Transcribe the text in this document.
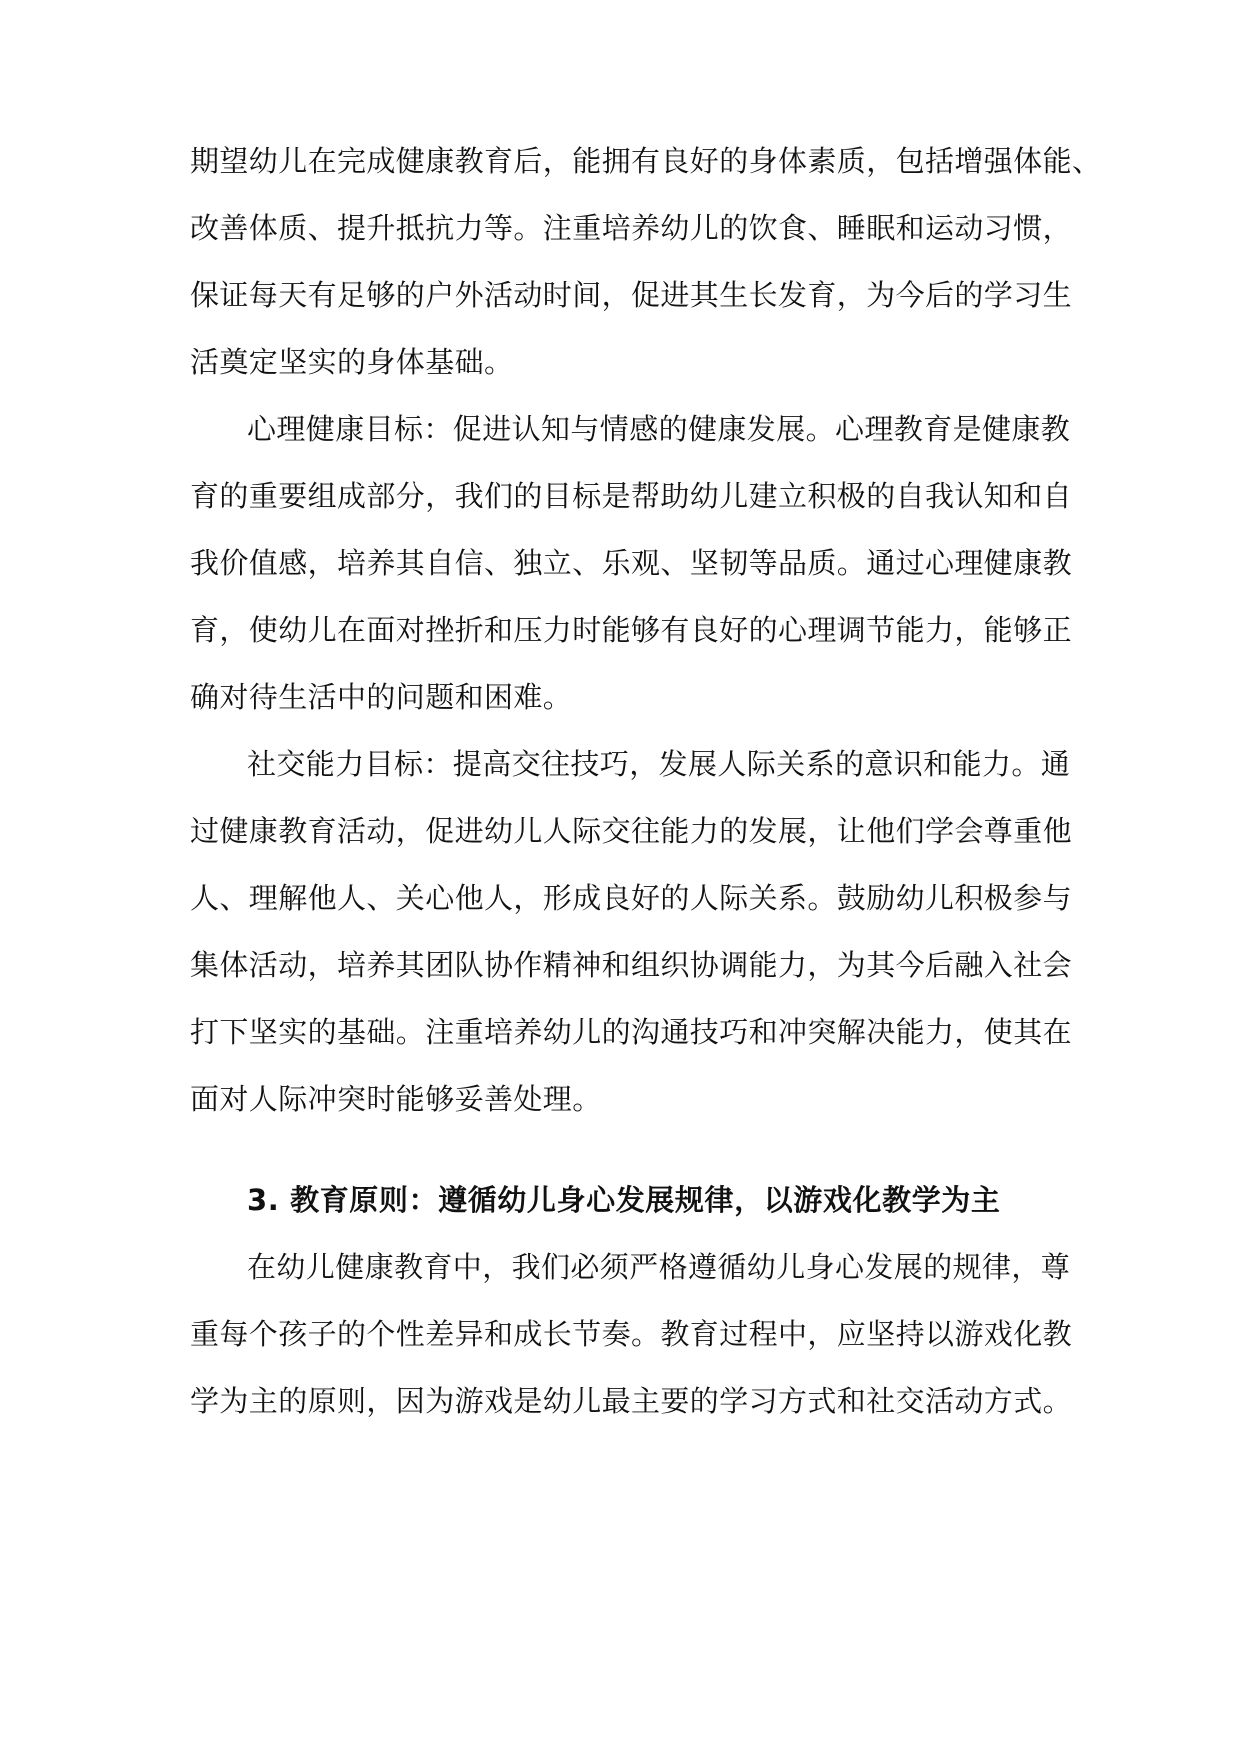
期望幼儿在完成健康教育后，能拥有良好的身体素质，包括增强体能、

改善体质、提升抵抗力等。注重培养幼儿的饮食、睡眠和运动习惯，

保证每天有足够的户外活动时间，促进其生长发育，为今后的学习生

活奠定坚实的身体基础。

心理健康目标：促进认知与情感的健康发展。心理教育是健康教

育的重要组成部分，我们的目标是帮助幼儿建立积极的自我认知和自

我价值感，培养其自信、独立、乐观、坚韧等品质。通过心理健康教

育，使幼儿在面对挫折和压力时能够有良好的心理调节能力，能够正

确对待生活中的问题和困难。

社交能力目标：提高交往技巧，发展人际关系的意识和能力。通

过健康教育活动，促进幼儿人际交往能力的发展，让他们学会尊重他

人、理解他人、关心他人，形成良好的人际关系。鼓励幼儿积极参与

集体活动，培养其团队协作精神和组织协调能力，为其今后融入社会

打下坚实的基础。注重培养幼儿的沟通技巧和冲突解决能力，使其在

面对人际冲突时能够妥善处理。

3. 教育原则：遵循幼儿身心发展规律，以游戏化教学为主

在幼儿健康教育中，我们必须严格遵循幼儿身心发展的规律，尊

重每个孩子的个性差异和成长节奏。教育过程中，应坚持以游戏化教

学为主的原则，因为游戏是幼儿最主要的学习方式和社交活动方式。
